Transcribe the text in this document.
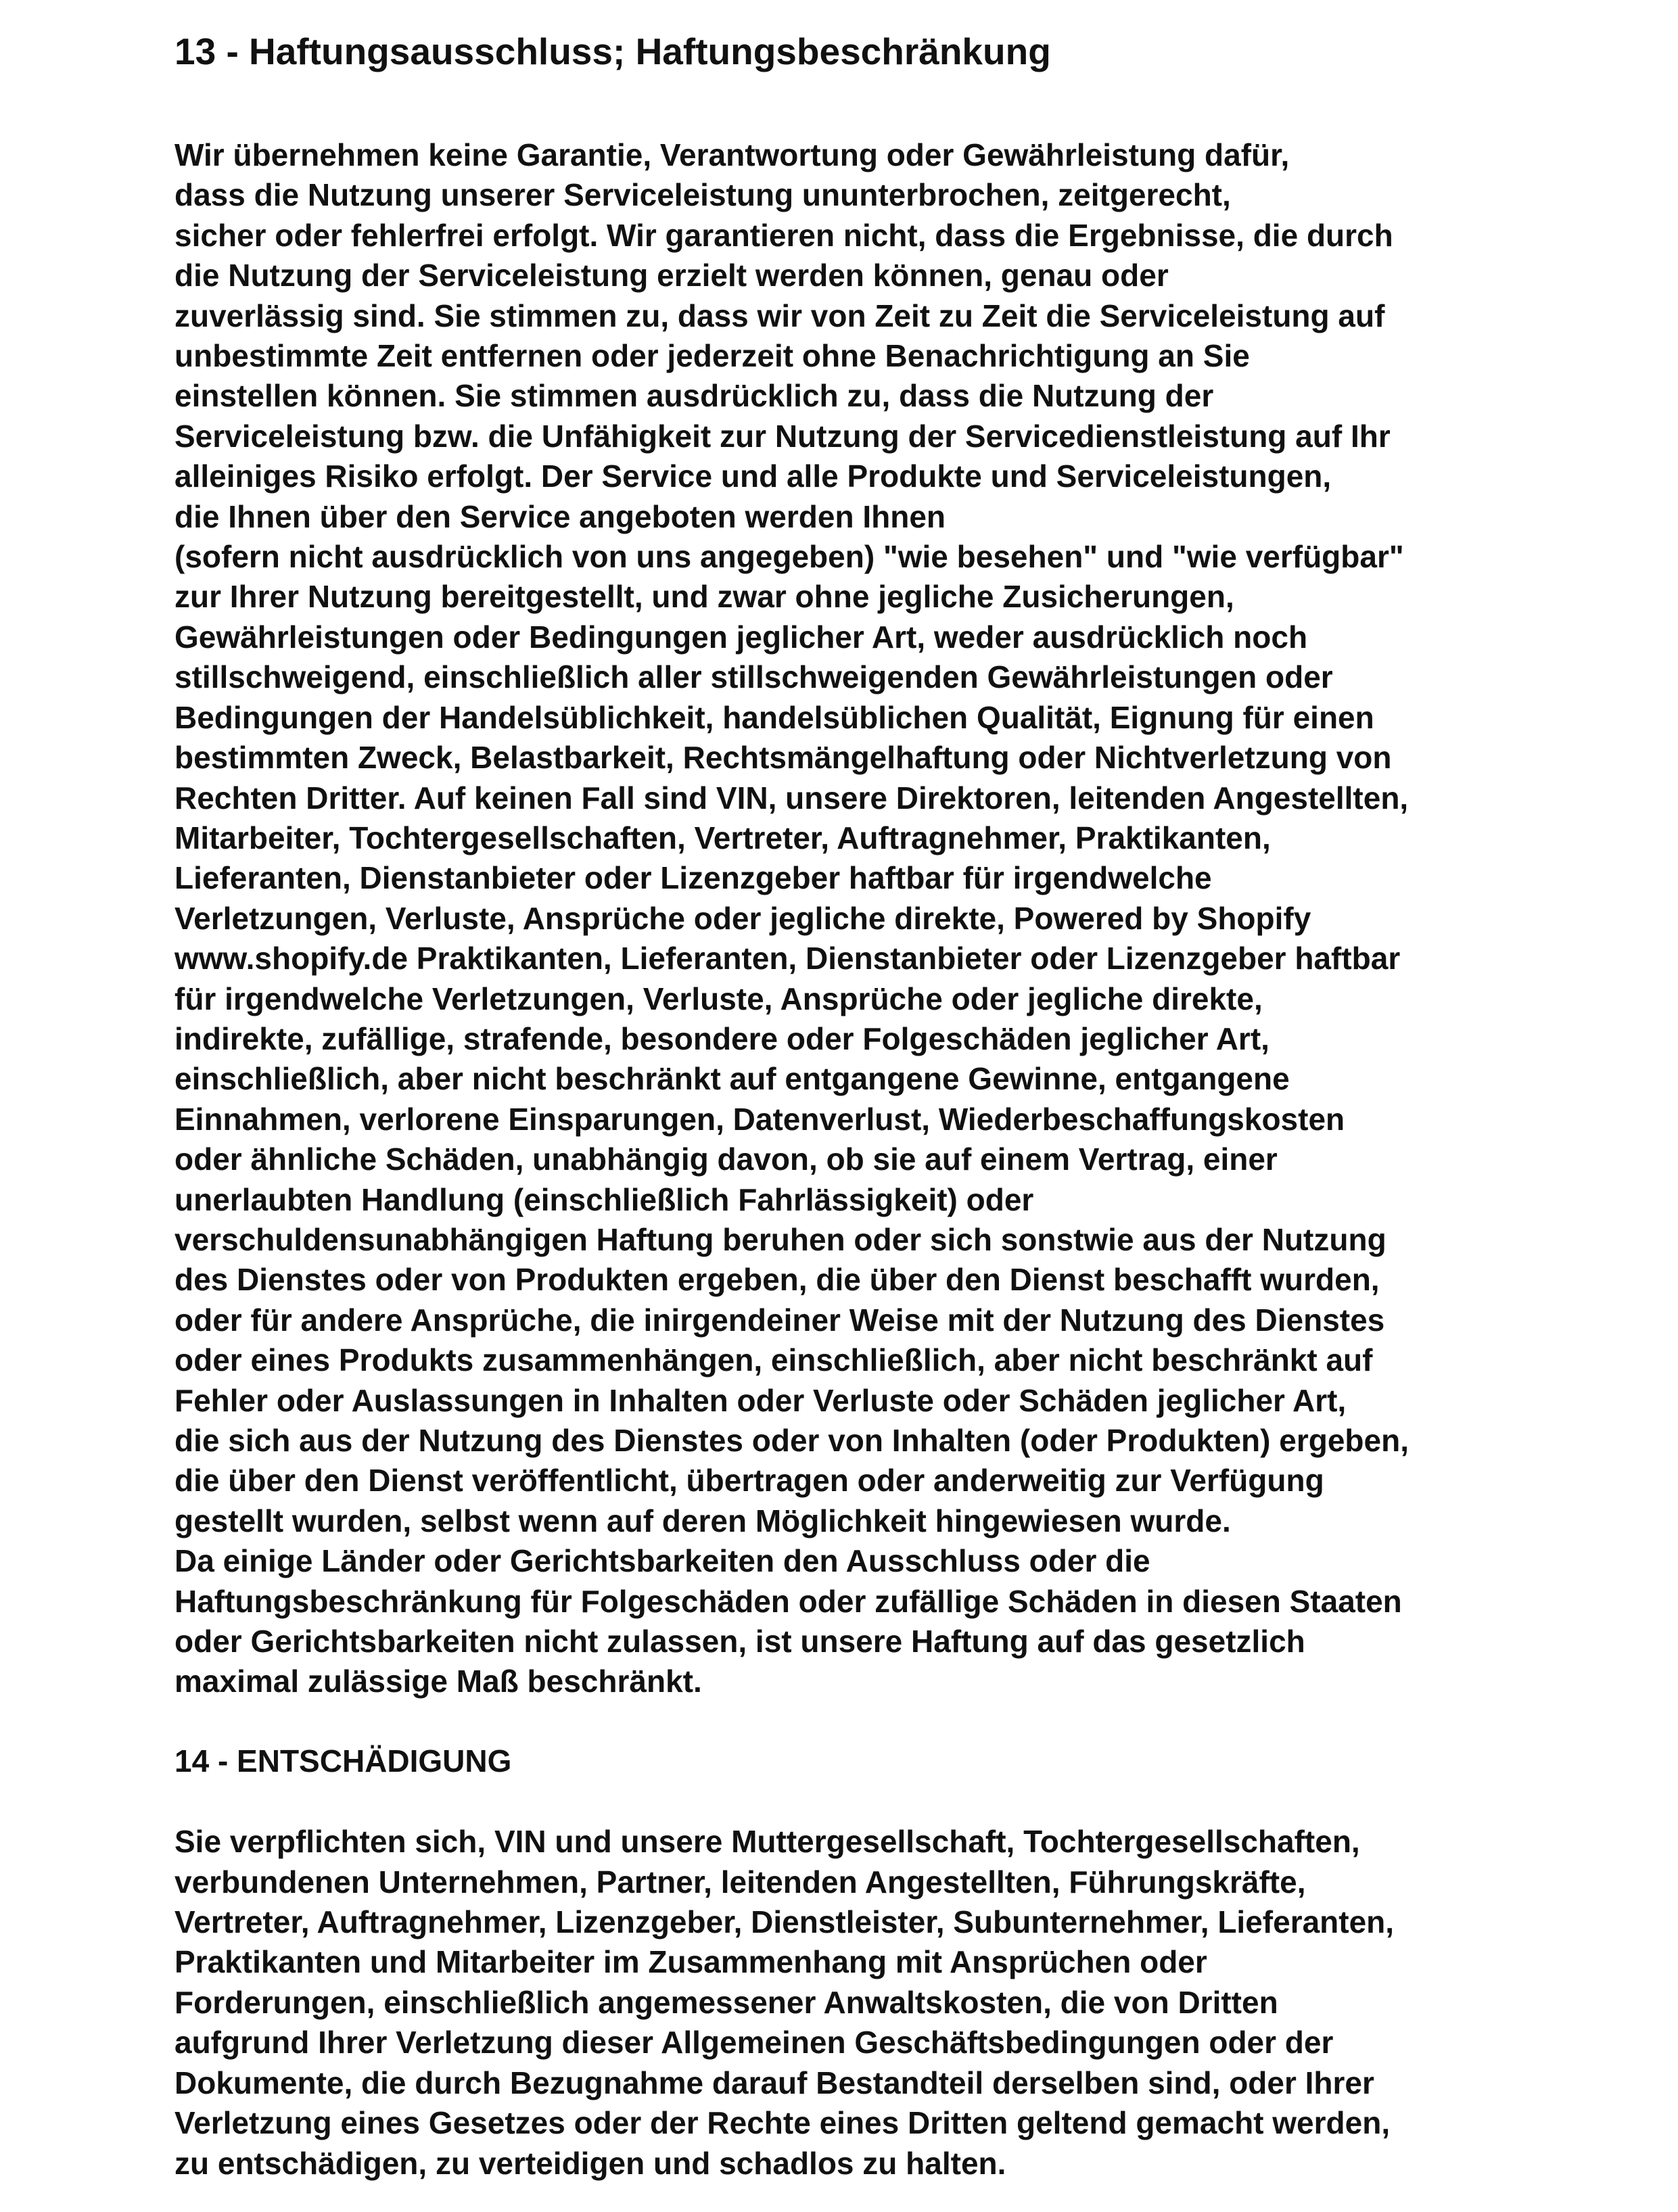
13 - Haftungsausschluss; Haftungsbeschränkung
Wir übernehmen keine Garantie, Verantwortung oder Gewährleistung dafür,
dass die Nutzung unserer Serviceleistung ununterbrochen, zeitgerecht,
sicher oder fehlerfrei erfolgt. Wir garantieren nicht, dass die Ergebnisse, die durch
die Nutzung der Serviceleistung erzielt werden können, genau oder
zuverlässig sind. Sie stimmen zu, dass wir von Zeit zu Zeit die Serviceleistung auf
unbestimmte Zeit entfernen oder jederzeit ohne Benachrichtigung an Sie
einstellen können. Sie stimmen ausdrücklich zu, dass die Nutzung der
Serviceleistung bzw. die Unfähigkeit zur Nutzung der Servicedienstleistung auf Ihr
alleiniges Risiko erfolgt. Der Service und alle Produkte und Serviceleistungen,
die Ihnen über den Service angeboten werden Ihnen
(sofern nicht ausdrücklich von uns angegeben) "wie besehen" und "wie verfügbar"
zur Ihrer Nutzung bereitgestellt, und zwar ohne jegliche Zusicherungen,
Gewährleistungen oder Bedingungen jeglicher Art, weder ausdrücklich noch
stillschweigend, einschließlich aller stillschweigenden Gewährleistungen oder
Bedingungen der Handelsüblichkeit, handelsüblichen Qualität, Eignung für einen
bestimmten Zweck, Belastbarkeit, Rechtsmängelhaftung oder Nichtverletzung von
Rechten Dritter. Auf keinen Fall sind VIN, unsere Direktoren, leitenden Angestellten,
Mitarbeiter, Tochtergesellschaften, Vertreter, Auftragnehmer, Praktikanten,
Lieferanten, Dienstanbieter oder Lizenzgeber haftbar für irgendwelche
Verletzungen, Verluste, Ansprüche oder jegliche direkte, Powered by Shopify
www.shopify.de Praktikanten, Lieferanten, Dienstanbieter oder Lizenzgeber haftbar
für irgendwelche Verletzungen, Verluste, Ansprüche oder jegliche direkte,
indirekte, zufällige, strafende, besondere oder Folgeschäden jeglicher Art,
einschließlich, aber nicht beschränkt auf entgangene Gewinne, entgangene
Einnahmen, verlorene Einsparungen, Datenverlust, Wiederbeschaffungskosten
oder ähnliche Schäden, unabhängig davon, ob sie auf einem Vertrag, einer
unerlaubten Handlung (einschließlich Fahrlässigkeit) oder
verschuldensunabhängigen Haftung beruhen oder sich sonstwie aus der Nutzung
des Dienstes oder von Produkten ergeben, die über den Dienst beschafft wurden,
oder für andere Ansprüche, die inirgendeiner Weise mit der Nutzung des Dienstes
oder eines Produkts zusammenhängen, einschließlich, aber nicht beschränkt auf
Fehler oder Auslassungen in Inhalten oder Verluste oder Schäden jeglicher Art,
die sich aus der Nutzung des Dienstes oder von Inhalten (oder Produkten) ergeben,
die über den Dienst veröffentlicht, übertragen oder anderweitig zur Verfügung
gestellt wurden, selbst wenn auf deren Möglichkeit hingewiesen wurde.
Da einige Länder oder Gerichtsbarkeiten den Ausschluss oder die
Haftungsbeschränkung für Folgeschäden oder zufällige Schäden in diesen Staaten
oder Gerichtsbarkeiten nicht zulassen, ist unsere Haftung auf das gesetzlich
maximal zulässige Maß beschränkt.
14 - ENTSCHÄDIGUNG
Sie verpflichten sich, VIN und unsere Muttergesellschaft, Tochtergesellschaften,
verbundenen Unternehmen, Partner, leitenden Angestellten, Führungskräfte,
Vertreter, Auftragnehmer, Lizenzgeber, Dienstleister, Subunternehmer, Lieferanten,
Praktikanten und Mitarbeiter im Zusammenhang mit Ansprüchen oder
Forderungen, einschließlich angemessener Anwaltskosten, die von Dritten
aufgrund Ihrer Verletzung dieser Allgemeinen Geschäftsbedingungen oder der
Dokumente, die durch Bezugnahme darauf Bestandteil derselben sind, oder Ihrer
Verletzung eines Gesetzes oder der Rechte eines Dritten geltend gemacht werden,
zu entschädigen, zu verteidigen und schadlos zu halten.
